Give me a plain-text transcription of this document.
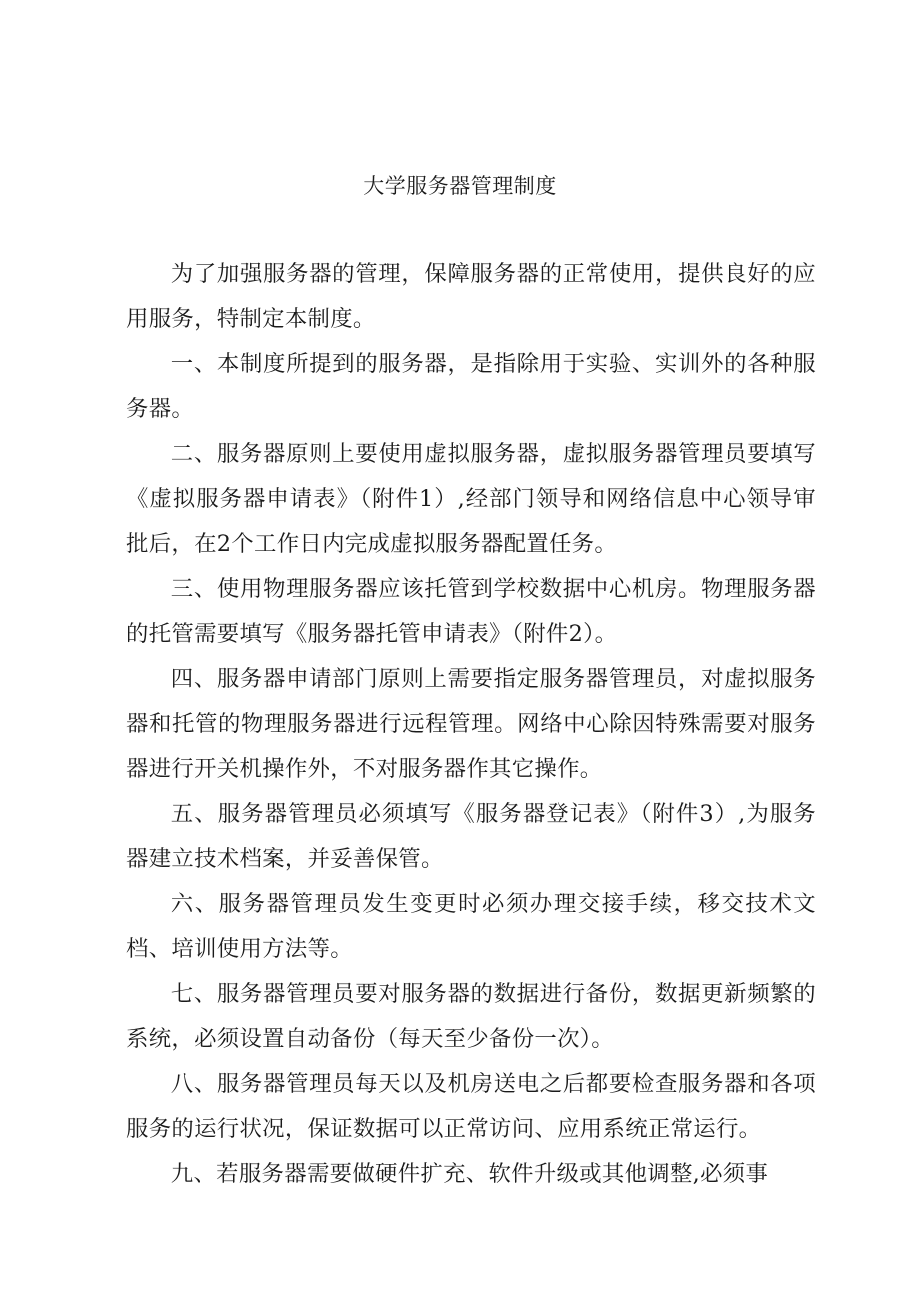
大学服务器管理制度

为了加强服务器的管理，保障服务器的正常使用，提供良好的应用服务，特制定本制度。

一、本制度所提到的服务器，是指除用于实验、实训外的各种服务器。

二、服务器原则上要使用虚拟服务器，虚拟服务器管理员要填写《虚拟服务器申请表》（附件1）,经部门领导和网络信息中心领导审批后，在2个工作日内完成虚拟服务器配置任务。

三、使用物理服务器应该托管到学校数据中心机房。物理服务器的托管需要填写《服务器托管申请表》（附件2）。

四、服务器申请部门原则上需要指定服务器管理员，对虚拟服务器和托管的物理服务器进行远程管理。网络中心除因特殊需要对服务器进行开关机操作外，不对服务器作其它操作。

五、服务器管理员必须填写《服务器登记表》（附件3）,为服务器建立技术档案，并妥善保管。

六、服务器管理员发生变更时必须办理交接手续，移交技术文档、培训使用方法等。

七、服务器管理员要对服务器的数据进行备份，数据更新频繁的系统，必须设置自动备份（每天至少备份一次）。

八、服务器管理员每天以及机房送电之后都要检查服务器和各项服务的运行状况，保证数据可以正常访问、应用系统正常运行。

九、若服务器需要做硬件扩充、软件升级或其他调整,必须事
